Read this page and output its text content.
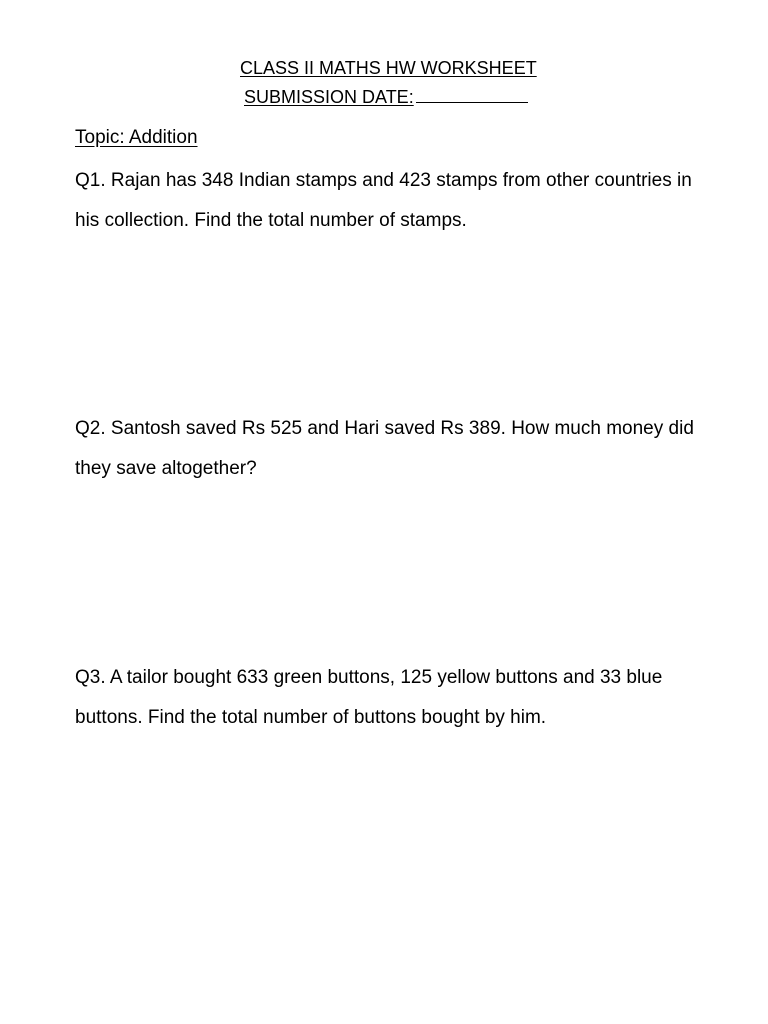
CLASS II MATHS HW WORKSHEET
SUBMISSION DATE:
Topic: Addition
Q1. Rajan has 348 Indian stamps and 423 stamps from other countries in his collection. Find the total number of stamps.
Q2. Santosh saved Rs 525 and Hari saved Rs 389. How much money did they save altogether?
Q3. A tailor bought 633 green buttons, 125 yellow buttons and 33 blue buttons. Find the total number of buttons bought by him.
